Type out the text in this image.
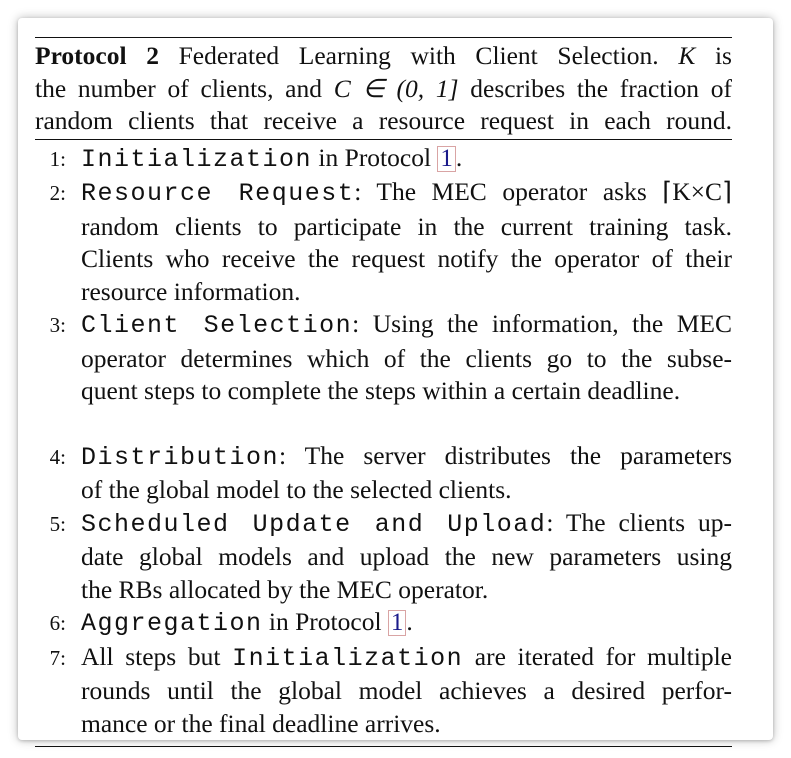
Protocol 2 Federated Learning with Client Selection. K is
the number of clients, and C ∈ (0, 1] describes the fraction of
random clients that receive a resource request in each round.
1: Initialization in Protocol 1 .
2: Resource Request: The MEC operator asks ⌈K×C⌉
random clients to participate in the current training task.
Clients who receive the request notify the operator of their
resource information.
3: Client Selection: Using the information, the MEC
operator determines which of the clients go to the subse-
quent steps to complete the steps within a certain deadline.
4: Distribution: The server distributes the parameters
of the global model to the selected clients.
5: Scheduled Update and Upload: The clients up-
date global models and upload the new parameters using
the RBs allocated by the MEC operator.
6: Aggregation in Protocol 1 .
7: All steps but Initialization are iterated for multiple
rounds until the global model achieves a desired perfor-
mance or the final deadline arrives.
